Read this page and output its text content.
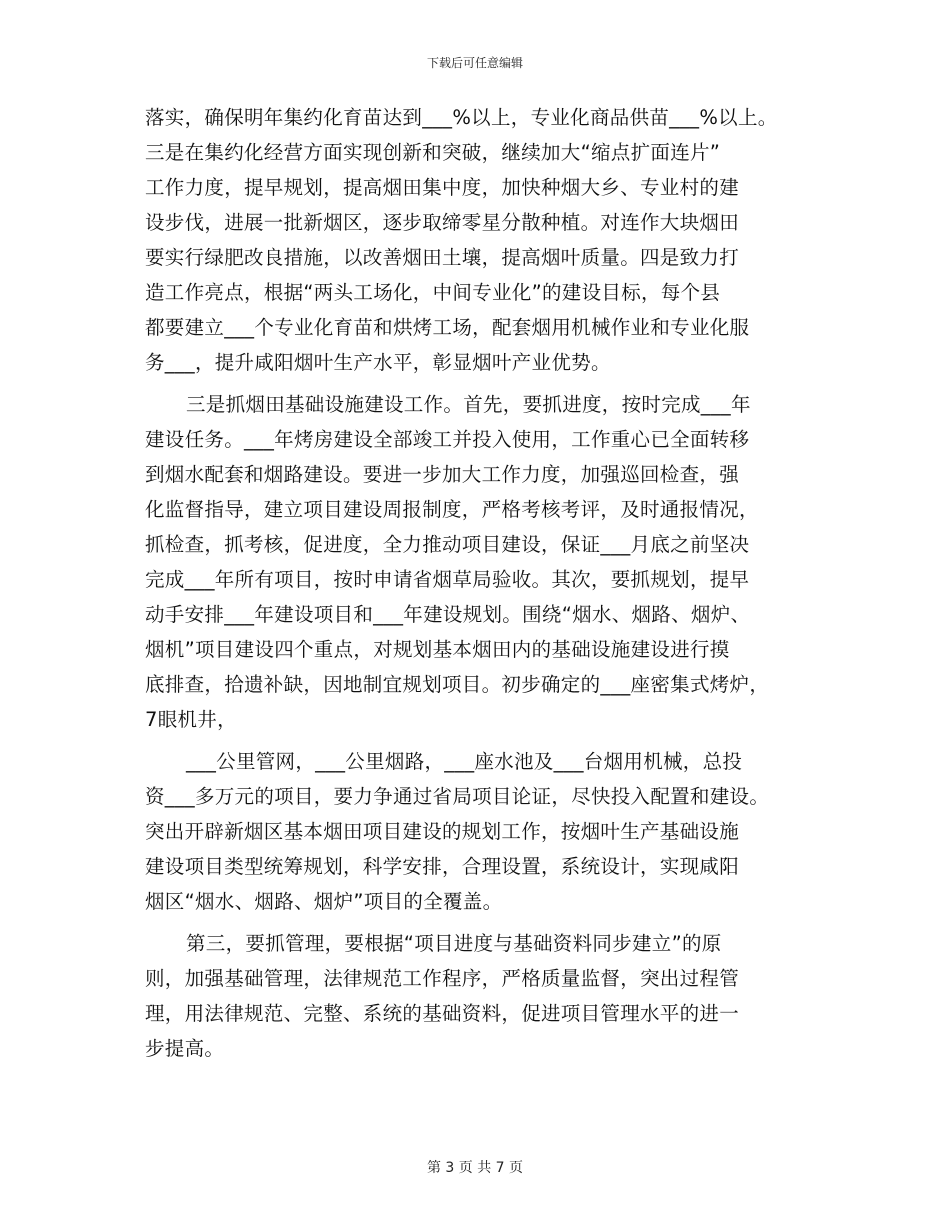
下载后可任意编辑
落实，确保明年集约化育苗达到___%以上，专业化商品供苗___%以上。
三是在集约化经营方面实现创新和突破，继续加大“缩点扩面连片”
工作力度，提早规划，提高烟田集中度，加快种烟大乡、专业村的建
设步伐，进展一批新烟区，逐步取缔零星分散种植。对连作大块烟田
要实行绿肥改良措施，以改善烟田土壤，提高烟叶质量。四是致力打
造工作亮点，根据“两头工场化，中间专业化”的建设目标，每个县
都要建立___个专业化育苗和烘烤工场，配套烟用机械作业和专业化服
务___，提升咸阳烟叶生产水平，彰显烟叶产业优势。
三是抓烟田基础设施建设工作。首先，要抓进度，按时完成___年
建设任务。___年烤房建设全部竣工并投入使用，工作重心已全面转移
到烟水配套和烟路建设。要进一步加大工作力度，加强巡回检查，强
化监督指导，建立项目建设周报制度，严格考核考评，及时通报情况，
抓检查，抓考核，促进度，全力推动项目建设，保证___月底之前坚决
完成___年所有项目，按时申请省烟草局验收。其次，要抓规划，提早
动手安排___年建设项目和___年建设规划。围绕“烟水、烟路、烟炉、
烟机”项目建设四个重点，对规划基本烟田内的基础设施建设进行摸
底排查，拾遗补缺，因地制宜规划项目。初步确定的___座密集式烤炉，
7眼机井，
___公里管网，___公里烟路，___座水池及___台烟用机械，总投
资___多万元的项目，要力争通过省局项目论证，尽快投入配置和建设。
突出开辟新烟区基本烟田项目建设的规划工作，按烟叶生产基础设施
建设项目类型统筹规划，科学安排，合理设置，系统设计，实现咸阳
烟区“烟水、烟路、烟炉”项目的全覆盖。
第三，要抓管理，要根据“项目进度与基础资料同步建立”的原
则，加强基础管理，法律规范工作程序，严格质量监督，突出过程管
理，用法律规范、完整、系统的基础资料，促进项目管理水平的进一
步提高。
第 3 页 共 7 页
